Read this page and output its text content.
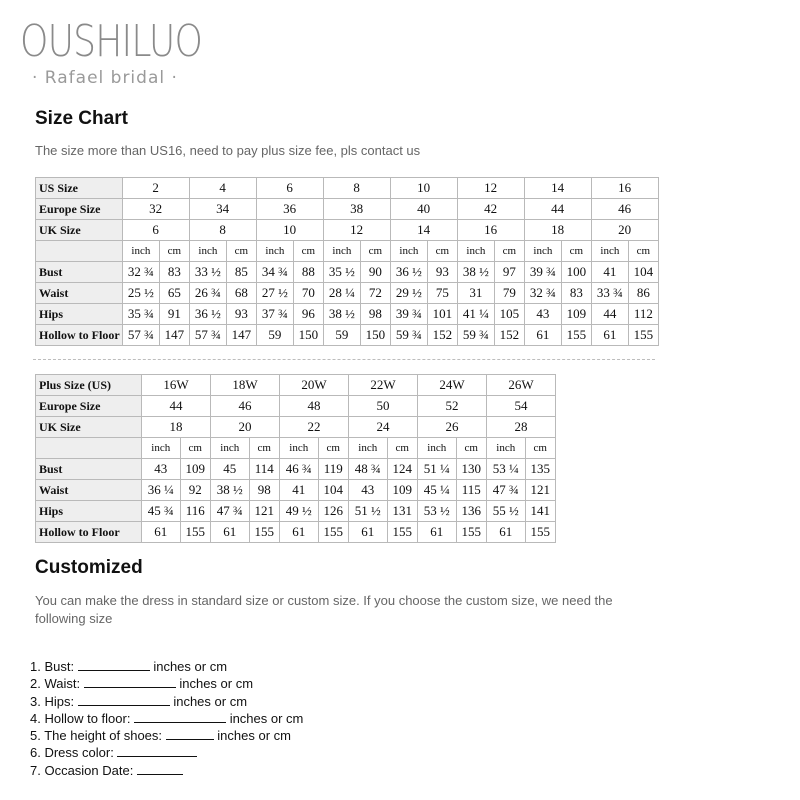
OUSHILUO
· Rafael bridal ·
Size Chart
The size more than US16, need to pay plus size fee, pls contact us
US Size	2		4		6		8		10		12		14		16	
Europe Size	32		34		36		38		40		42		44		46	
UK Size	6		8		10		12		14		16		18		20	
	inch	cm	inch	cm	inch	cm	inch	cm	inch	cm	inch	cm	inch	cm	inch	cm
Bust	32 ¾	83	33 ½	85	34 ¾	88	35 ½	90	36 ½	93	38 ½	97	39 ¾	100	41	104
Waist	25 ½	65	26 ¾	68	27 ½	70	28 ¼	72	29 ½	75	31	79	32 ¾	83	33 ¾	86
Hips	35 ¾	91	36 ½	93	37 ¾	96	38 ½	98	39 ¾	101	41 ¼	105	43	109	44	112
Hollow to Floor	57 ¾	147	57 ¾	147	59	150	59	150	59 ¾	152	59 ¾	152	61	155	61	155
Plus Size (US)	16W		18W		20W		22W		24W		26W	
Europe Size	44		46		48		50		52		54	
UK Size	18		20		22		24		26		28	
	inch	cm	inch	cm	inch	cm	inch	cm	inch	cm	inch	cm
Bust	43	109	45	114	46 ¾	119	48 ¾	124	51 ¼	130	53 ¼	135
Waist	36 ¼	92	38 ½	98	41	104	43	109	45 ¼	115	47 ¾	121
Hips	45 ¾	116	47 ¾	121	49 ½	126	51 ½	131	53 ½	136	55 ½	141
Hollow to Floor	61	155	61	155	61	155	61	155	61	155	61	155
Customized
You can make the dress in standard size or custom size. If you choose the custom size, we need the following size
1. Bust:	inches or cm
2. Waist:	inches or cm
3. Hips:	inches or cm
4. Hollow to floor:	inches or cm
5. The height of shoes:	inches or cm
6. Dress color:
7. Occasion Date:
